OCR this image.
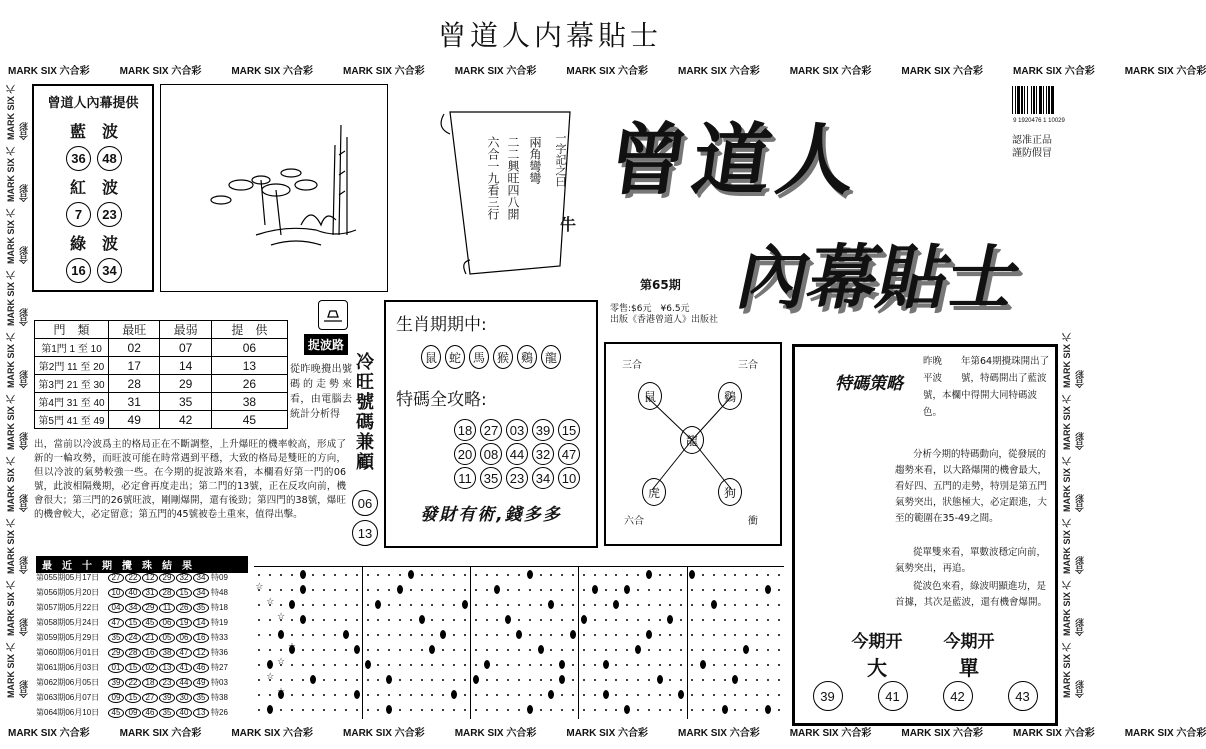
曾道人内幕貼士
MARK SIX 六合彩	MARK SIX 六合彩	MARK SIX 六合彩	MARK SIX 六合彩	MARK SIX 六合彩	MARK SIX 六合彩	MARK SIX 六合彩	MARK SIX 六合彩	MARK SIX 六合彩	MARK SIX 六合彩	MARK SIX 六合彩
MARK SIX 六合彩	MARK SIX 六合彩	MARK SIX 六合彩	MARK SIX 六合彩	MARK SIX 六合彩	MARK SIX 六合彩	MARK SIX 六合彩	MARK SIX 六合彩	MARK SIX 六合彩	MARK SIX 六合彩	MARK SIX 六合彩
MARK SIX 六合彩
MARK SIX 六合彩
MARK SIX 六合彩
MARK SIX 六合彩
MARK SIX 六合彩
MARK SIX 六合彩
MARK SIX 六合彩
MARK SIX 六合彩
MARK SIX 六合彩
MARK SIX 六合彩
MARK SIX 六合彩
MARK SIX 六合彩
MARK SIX 六合彩
MARK SIX 六合彩
MARK SIX 六合彩
MARK SIX 六合彩
9 1920476 1 10029
認准正品
謹防假冒
曾道人內幕提供
藍　波
36	48
紅　波
7	23
綠　波
16	34
一字記之曰
牛
兩角彎彎
二二興旺四八開
六合一九看三行 曾道人
內幕貼士
第65期
零售:$6元　 ¥6.5元
出版《香港曾道人》出版社
門　類	最旺	最弱	提　供
第1門 1 至 10	02	07	06
第2門 11 至 20	17	14	13
第3門 21 至 30	28	29	26
第4門 31 至 40	31	35	38
第5門 41 至 49	49	42	45
捉波路
冷旺號碼兼顧
從昨晚攪出號碼的走勢來看，由電腦去統計分析得
出，當前以冷波爲主的格局正在不斷調整，上升爆旺的機率較高，形成了新的一輪攻勢，而旺波可能在時常遇到平穩，大致的格局是雙旺的方向，但以冷波的氣勢較強一些。在今期的捉波路來看，本欄看好第一門的06號，此波相隔幾期，必定會再度走出；第二門的13號，正在反攻向前，機會很大；第三門的26號旺波，剛剛爆開，還有後勁；第四門的38號，爆旺的機會較大，必定留意；第五門的45號被卷土重來，值得出擊。
06
13
生肖期期中:
鼠 蛇 馬 猴 鷄 龍
特碼全攻略:
18 27 03 39 15
20 08 44 32 47
11 35 23 34 10
發財有術,錢多多
三合	三合
六合	衝
鼠	鷄
龍
虎	狗
特碼策略
昨晚　　年第64期攪珠開出了平波　　號，特碼開出了藍波　號，本欄中得開大同特碼波色。
分析今期的特碼動向，從發展的趨勢來看，以大路爆開的機會最大，看好四、五門的走勢，特別是第五門氣勢突出，狀態極大，必定跟進，大至的範圍在35-49之間。
從單雙來看，單數波穩定向前，氣勢突出，再追。
從波色來看，綠波明顯進功，是首據，其次是藍波，還有機會爆開。
今期开
大
今期开
單
39	41	42	43
最　近　十　期　攪　珠　結　果
第055期05月17日	27	22	12	29	32	34 特09
第056期05月20日	10	40	31	28	15	34 特48
第057期05月22日	04	34	29	11	26	35 特18
第058期05月24日	47	15	45	06	19	14 特19
第059期05月29日	35	24	21	05	06	16 特33
第060期06月01日	29	28	16	38	47	12 特36
第061期06月03日	01	15	02	13	41	46 特27
第062期06月05日	39	22	18	23	44	49 特03
第063期06月07日	09	15	27	39	30	35 特38
第064期06月10日	45	09	46	35	40	13 特26
☆
☆
☆
☆
☆
☆
☆
